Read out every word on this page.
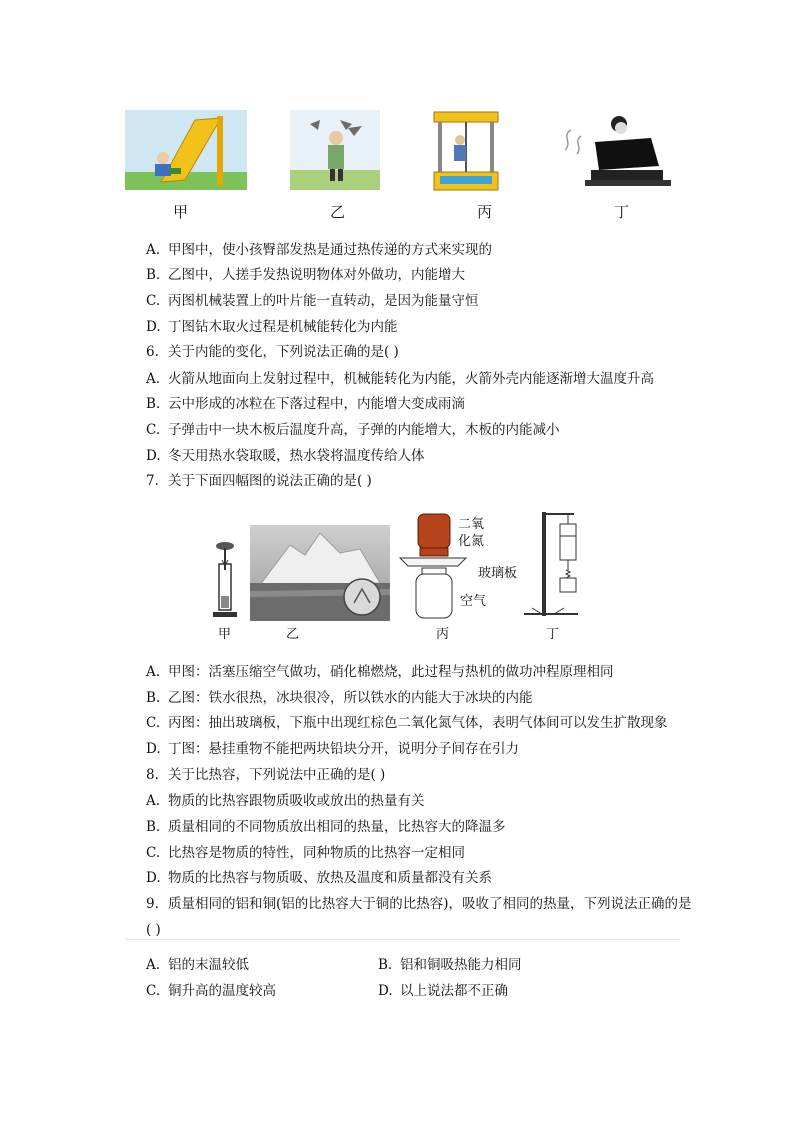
甲	乙	丙	丁
A. 甲图中，使小孩臀部发热是通过热传递的方式来实现的
B. 乙图中，人搓手发热说明物体对外做功，内能增大
C. 丙图机械装置上的叶片能一直转动，是因为能量守恒
D. 丁图钻木取火过程是机械能转化为内能
6. 关于内能的变化，下列说法正确的是( )
A. 火箭从地面向上发射过程中，机械能转化为内能，火箭外壳内能逐渐增大温度升高
B. 云中形成的冰粒在下落过程中，内能增大变成雨滴
C. 子弹击中一块木板后温度升高，子弹的内能增大，木板的内能减小
D. 冬天用热水袋取暖，热水袋将温度传给人体
7. 关于下面四幅图的说法正确的是( )
甲	乙
二氧
化氮
玻璃板
空气
丙	丁
A. 甲图：活塞压缩空气做功，硝化棉燃烧，此过程与热机的做功冲程原理相同
B. 乙图：铁水很热，冰块很冷，所以铁水的内能大于冰块的内能
C. 丙图：抽出玻璃板，下瓶中出现红棕色二氧化氮气体，表明气体间可以发生扩散现象
D. 丁图：悬挂重物不能把两块铅块分开，说明分子间存在引力
8. 关于比热容，下列说法中正确的是( )
A. 物质的比热容跟物质吸收或放出的热量有关
B. 质量相同的不同物质放出相同的热量，比热容大的降温多
C. 比热容是物质的特性，同种物质的比热容一定相同
D. 物质的比热容与物质吸、放热及温度和质量都没有关系
9. 质量相同的铝和铜(铝的比热容大于铜的比热容)，吸收了相同的热量，下列说法正确的是
( )
A. 铝的末温较低	B. 铝和铜吸热能力相同
C. 铜升高的温度较高	D. 以上说法都不正确
